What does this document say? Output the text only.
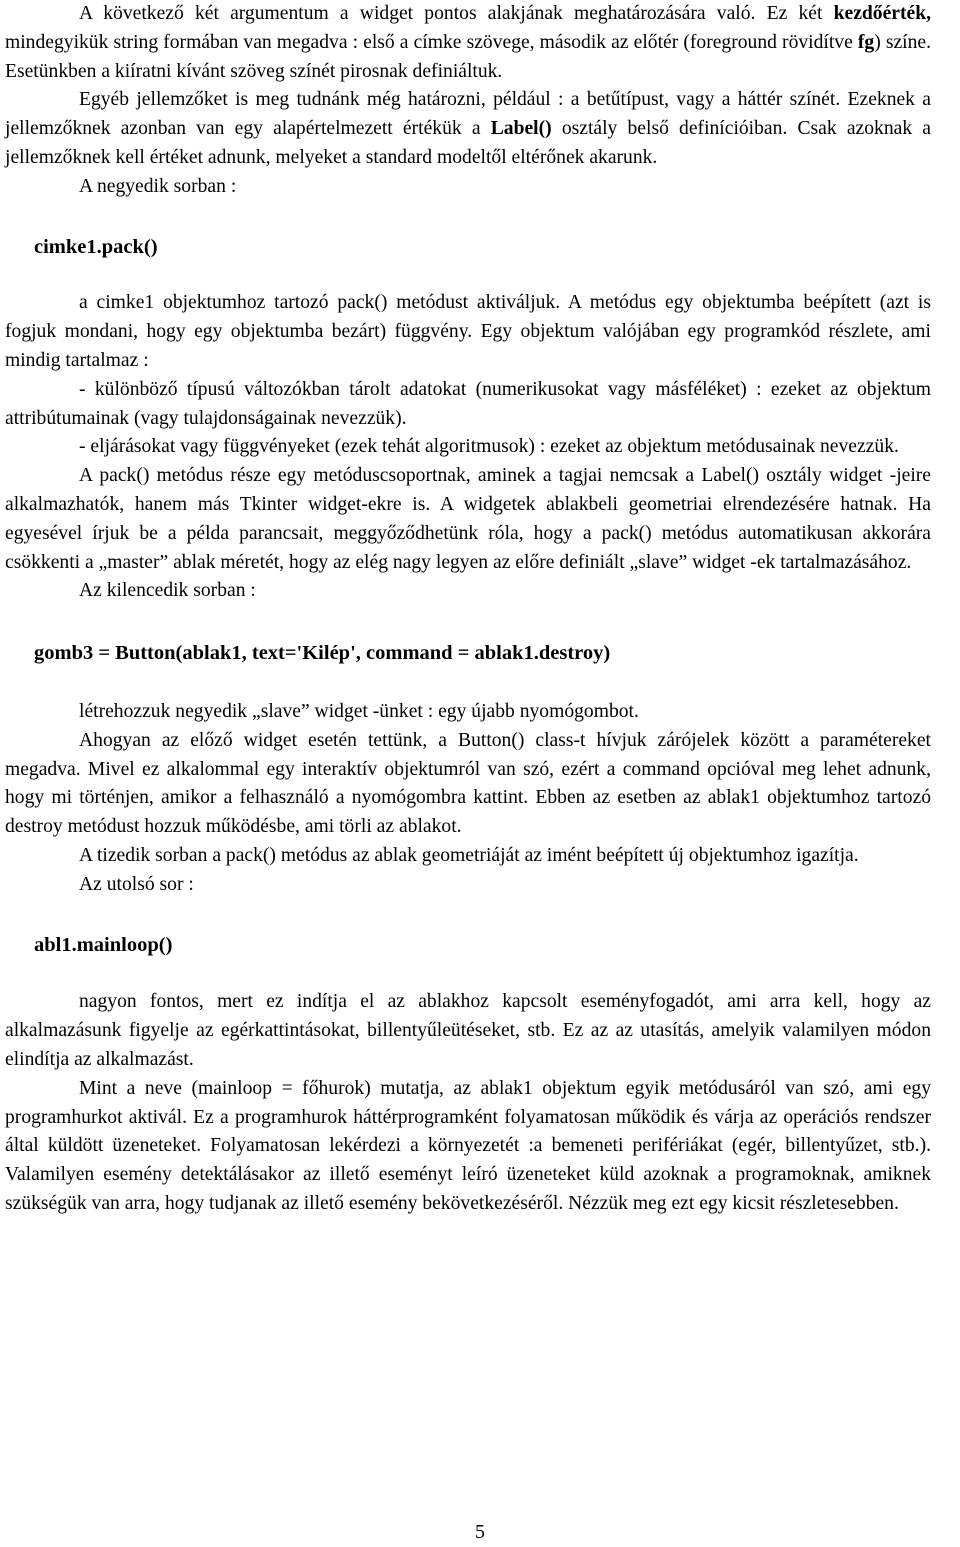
A következő két argumentum a widget pontos alakjának meghatározására való. Ez két kezdőérték, mindegyikük string formában van megadva : első a címke szövege, második az előtér (foreground rövidítve fg) színe. Esetünkben a kiíratni kívánt szöveg színét pirosnak definiáltuk.

Egyéb jellemzőket is meg tudnánk még határozni, például : a betűtípust, vagy a háttér színét. Ezeknek a jellemzőknek azonban van egy alapértelmezett értékük a Label() osztály belső definícióiban. Csak azoknak a jellemzőknek kell értéket adnunk, melyeket a standard modeltől eltérőnek akarunk.

A negyedik sorban :

cimke1.pack()

a cimke1 objektumhoz tartozó pack() metódust aktiváljuk. A metódus egy objektumba beépített (azt is fogjuk mondani, hogy egy objektumba bezárt) függvény. Egy objektum valójában egy programkód részlete, ami mindig tartalmaz :

- különböző típusú változókban tárolt adatokat (numerikusokat vagy másféléket) : ezeket az objektum attribútumainak (vagy tulajdonságainak nevezzük).

- eljárásokat vagy függvényeket (ezek tehát algoritmusok) : ezeket az objektum metódusainak nevezzük.

A pack() metódus része egy metóduscsoportnak, aminek a tagjai nemcsak a Label() osztály widget -jeire alkalmazhatók, hanem más Tkinter widget-ekre is. A widgetek ablakbeli geometriai elrendezésére hatnak. Ha egyesével írjuk be a példa parancsait, meggyőződhetünk róla, hogy a pack() metódus automatikusan akkorára csökkenti a „master” ablak méretét, hogy az elég nagy legyen az előre definiált „slave” widget -ek tartalmazásához.

Az kilencedik sorban :

gomb3 = Button(ablak1, text='Kilép', command = ablak1.destroy)

létrehozzuk negyedik „slave” widget -ünket : egy újabb nyomógombot.

Ahogyan az előző widget esetén tettünk, a Button() class-t hívjuk zárójelek között a paramétereket megadva. Mivel ez alkalommal egy interaktív objektumról van szó, ezért a command opcióval meg lehet adnunk, hogy mi történjen, amikor a felhasználó a nyomógombra kattint. Ebben az esetben az ablak1 objektumhoz tartozó destroy metódust hozzuk működésbe, ami törli az ablakot.

A tizedik sorban a pack() metódus az ablak geometriáját az imént beépített új objektumhoz igazítja.

Az utolsó sor :

abl1.mainloop()

nagyon fontos, mert ez indítja el az ablakhoz kapcsolt eseményfogadót, ami arra kell, hogy az alkalmazásunk figyelje az egérkattintásokat, billentyűleütéseket, stb. Ez az az utasítás, amelyik valamilyen módon elindítja az alkalmazást.

Mint a neve (mainloop = főhurok) mutatja, az ablak1 objektum egyik metódusáról van szó, ami egy programhurkot aktivál. Ez a programhurok háttérprogramként folyamatosan működik és várja az operációs rendszer által küldött üzeneteket. Folyamatosan lekérdezi a környezetét :a bemeneti perifériákat (egér, billentyűzet, stb.). Valamilyen esemény detektálásakor az illető eseményt leíró üzeneteket küld azoknak a programoknak, amiknek szükségük van arra, hogy tudjanak az illető esemény bekövetkezéséről. Nézzük meg ezt egy kicsit részletesebben.

5
